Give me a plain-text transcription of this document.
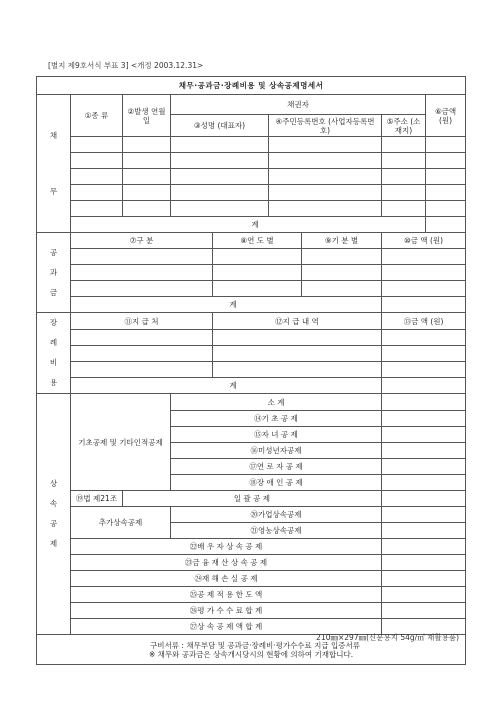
[별지 제9호서식 부표 3] <개정 2003.12.31>
채무·공과금·장례비용 및 상속공제명세서								

채

무	①종 류	②발생 연월일	채권자					⑥금액 (원)
			③성명 (대표자)		④주민등록번호 (사업자등록번호)		⑤주소 (소재지)	

	계							

공
과
금	⑦구 분			⑧연 도 별		⑨기 분 별	⑩금 액 (원)	

	계							

장
례
비
용	⑪지 급 처			⑫지 급 내 역			⑬금 액 (원)	

	계							

상
속
공
제	기초공제 및 기타인적공제		소 계					
			⑭기 초 공 제					
			⑮자 녀 공 제					
			⑯미성년자공제					
			⑰연 로 자 공 제					
			⑱장 애 인 공 제					
	⑲법 제21조	일 괄 공 제						
	추가상속공제		⑳가업상속공제					
			㉑영농상속공제					
	㉒배 우 자 상 속 공 제							
	㉓금 융 재 산 상 속 공 제							
	㉔재 해 손 실 공 제							
	㉕공 제 적 용 한 도 액							
	㉖평 가 수 수 료 합 계							
	㉗상 속 공 제 액 합 계							

구비서류 : 채무부담 및 공과금·장례비·평가수수료 지급 입증서류
※ 채무와 공과금은 상속개시당시의 현황에 의하여 기재합니다.								
210㎜×297㎜(신문용지 54g/㎡ 재활용품)
